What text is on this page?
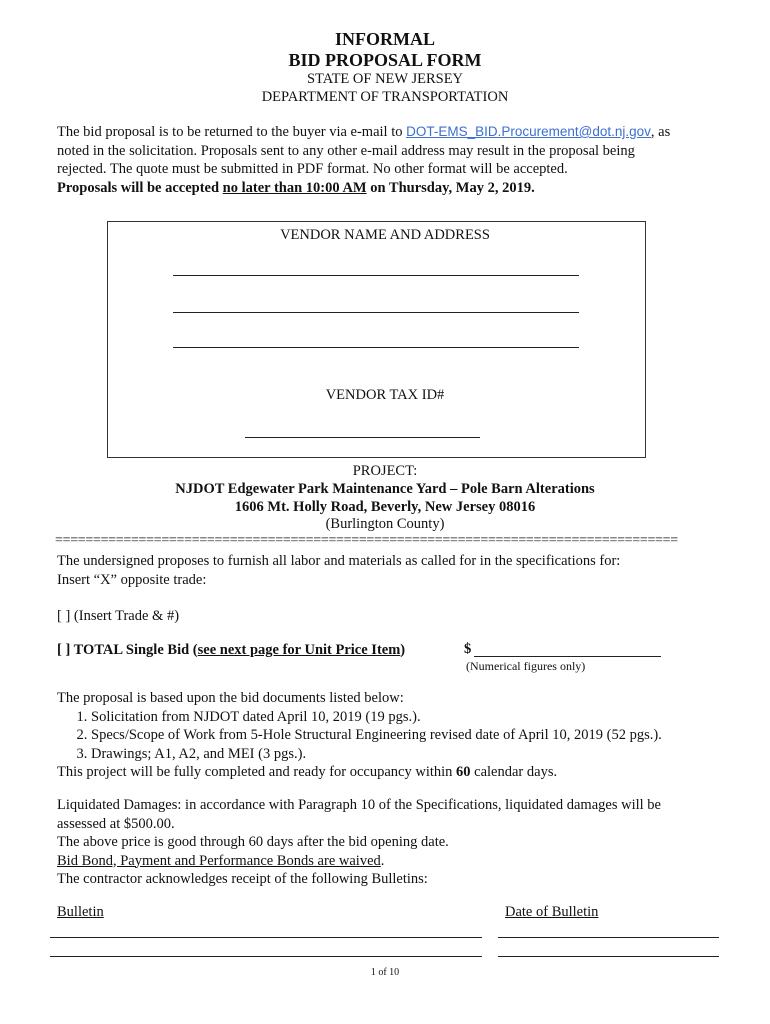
INFORMAL
BID PROPOSAL FORM
STATE OF NEW JERSEY
DEPARTMENT OF TRANSPORTATION
The bid proposal is to be returned to the buyer via e-mail to DOT-EMS_BID.Procurement@dot.nj.gov, as
noted in the solicitation. Proposals sent to any other e-mail address may result in the proposal being
rejected. The quote must be submitted in PDF format. No other format will be accepted.
Proposals will be accepted no later than 10:00 AM on Thursday, May 2, 2019.
VENDOR NAME AND ADDRESS
VENDOR TAX ID#
PROJECT:
NJDOT Edgewater Park Maintenance Yard – Pole Barn Alterations
1606 Mt. Holly Road, Beverly, New Jersey 08016
(Burlington County)
==================================================================================
The undersigned proposes to furnish all labor and materials as called for in the specifications for:
Insert “X” opposite trade:
[ ] (Insert Trade & #)
[ ] TOTAL Single Bid (see next page for Unit Price Item)	$
(Numerical figures only)
The proposal is based upon the bid documents listed below:
1. Solicitation from NJDOT dated April 10, 2019 (19 pgs.).
2. Specs/Scope of Work from 5-Hole Structural Engineering revised date of April 10, 2019 (52 pgs.).
3. Drawings; A1, A2, and MEI (3 pgs.).
This project will be fully completed and ready for occupancy within 60 calendar days.
Liquidated Damages: in accordance with Paragraph 10 of the Specifications, liquidated damages will be
assessed at $500.00.
The above price is good through 60 days after the bid opening date.
Bid Bond, Payment and Performance Bonds are waived.
The contractor acknowledges receipt of the following Bulletins:
Bulletin	Date of Bulletin
1 of 10
